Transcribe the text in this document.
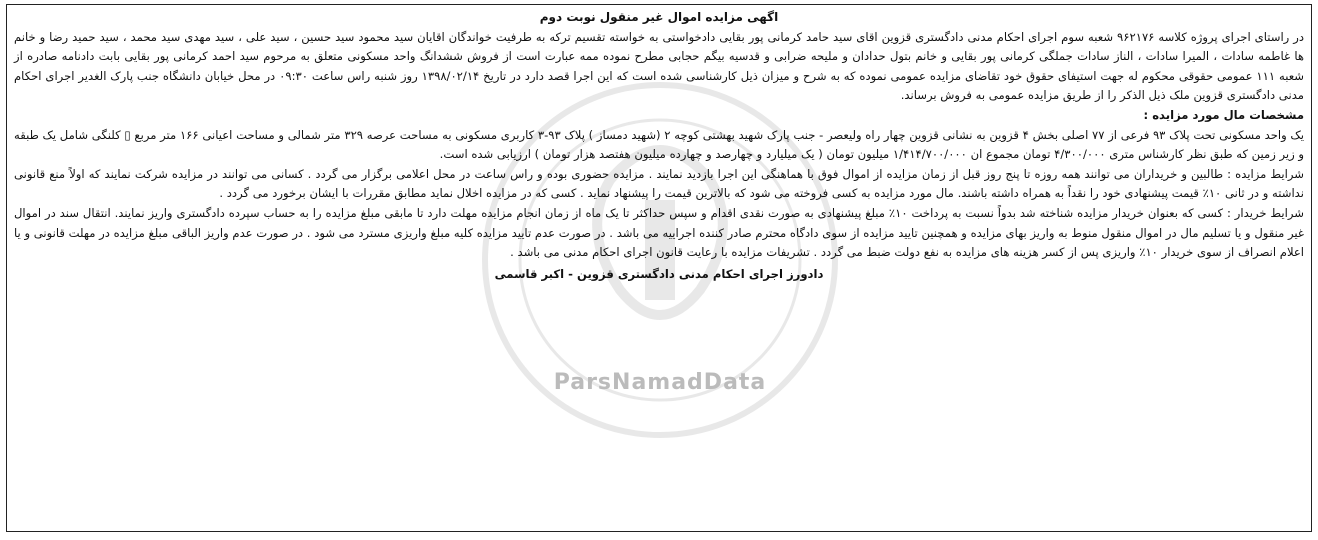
ParsNamadData

اگهی مزایده اموال غیر منقول نوبت دوم

در راستای اجرای پروژه کلاسه ۹۶۲۱۷۶ شعبه سوم اجرای احکام مدنی دادگستری قزوین اقای سید حامد کرمانی پور بقایی دادخواستی به خواسته تقسیم ترکه به طرفیت خواندگان اقایان سید محمود سید حسین ، سید علی ، سید مهدی سید محمد ، سید حمید رضا و خانم ها غاطمه سادات ، المیرا سادات ، الناز سادات جملگی کرمانی پور بقایی و خانم بتول حدادان و ملیحه ضرابی و قدسیه بیگم حجابی مطرح نموده ممه عبارت است از فروش ششدانگ واحد مسکونی متعلق به مرحوم سید احمد کرمانی پور بقایی بابت دادنامه صادره از شعبه ۱۱۱ عمومی حقوقی محکوم له جهت استیفای حقوق خود تقاضای مزایده عمومی نموده که به شرح و میزان ذیل کارشناسی شده است که این اجرا قصد دارد در تاریخ ۱۳۹۸/۰۲/۱۴ روز شنبه راس ساعت ۰۹:۳۰ در محل خیابان دانشگاه جنب پارک الغدیر اجرای احکام مدنی دادگستری قزوین ملک ذیل الذکر را از طریق مزایده عمومی به فروش برساند.

مشخصات مال مورد مزایده :

یک واحد مسکونی تحت پلاک ۹۳ فرعی از ۷۷ اصلی بخش ۴ قزوین به نشانی قزوین چهار راه ولیعصر - جنب پارک شهید بهشتی کوچه ۲ (شهید دمساز ) پلاک ۹۳-۳ کاربری مسکونی به مساحت عرصه ۳۲۹ متر شمالی و مساحت اعیانی ۱۶۶ متر مربع ▯ کلنگی شامل یک طبقه و زیر زمین که طبق نظر کارشناس متری ۴/۳۰۰/۰۰۰ تومان مجموع ان ۱/۴۱۴/۷۰۰/۰۰۰ میلیون تومان ( یک میلیارد و چهارصد و چهارده میلیون هفتصد هزار تومان ) ارزیابی شده است.

شرایط مزایده : طالبین و خریداران می توانند همه روزه تا پنج روز قبل از زمان مزایده از اموال فوق با هماهنگی این اجرا بازدید نمایند . مزایده حضوری بوده و راس ساعت در محل اعلامی برگزار می گردد . کسانی می توانند در مزایده شرکت نمایند که اولاً منع قانونی نداشته و در ثانی ۱۰٪ قیمت پیشنهادی خود را نقداً به همراه داشته باشند. مال مورد مزایده به کسی فروخته می شود که بالاترین قیمت را پیشنهاد نماید . کسی که در مزایده اخلال نماید مطابق مقررات با ایشان برخورد می گردد .

شرایط خریدار : کسی که بعنوان خریدار مزایده شناخته شد بدواً نسبت به پرداخت ۱۰٪ مبلغ پیشنهادی به صورت نقدی اقدام و سپس حداکثر تا یک ماه از زمان انجام مزایده مهلت دارد تا مابقی مبلغ مزایده را به حساب سپرده دادگستری واریز نمایند. انتقال سند در اموال غیر منقول و یا تسلیم مال در اموال منقول منوط به واریز بهای مزایده و همچنین تایید مزایده از سوی دادگاه محترم صادر کننده اجراییه می باشد . در صورت عدم تایید مزایده کلیه مبلغ واریزی مسترد می شود . در صورت عدم واریز الباقی مبلغ مزایده در مهلت قانونی و یا اعلام انصراف از سوی خریدار ۱۰٪ واریزی پس از کسر هزینه های مزایده به نفع دولت ضبط می گردد . تشریفات مزایده با رعایت قانون اجرای احکام مدنی می باشد .

دادورز اجرای احکام مدنی دادگستری قزوین - اکبر قاسمی
